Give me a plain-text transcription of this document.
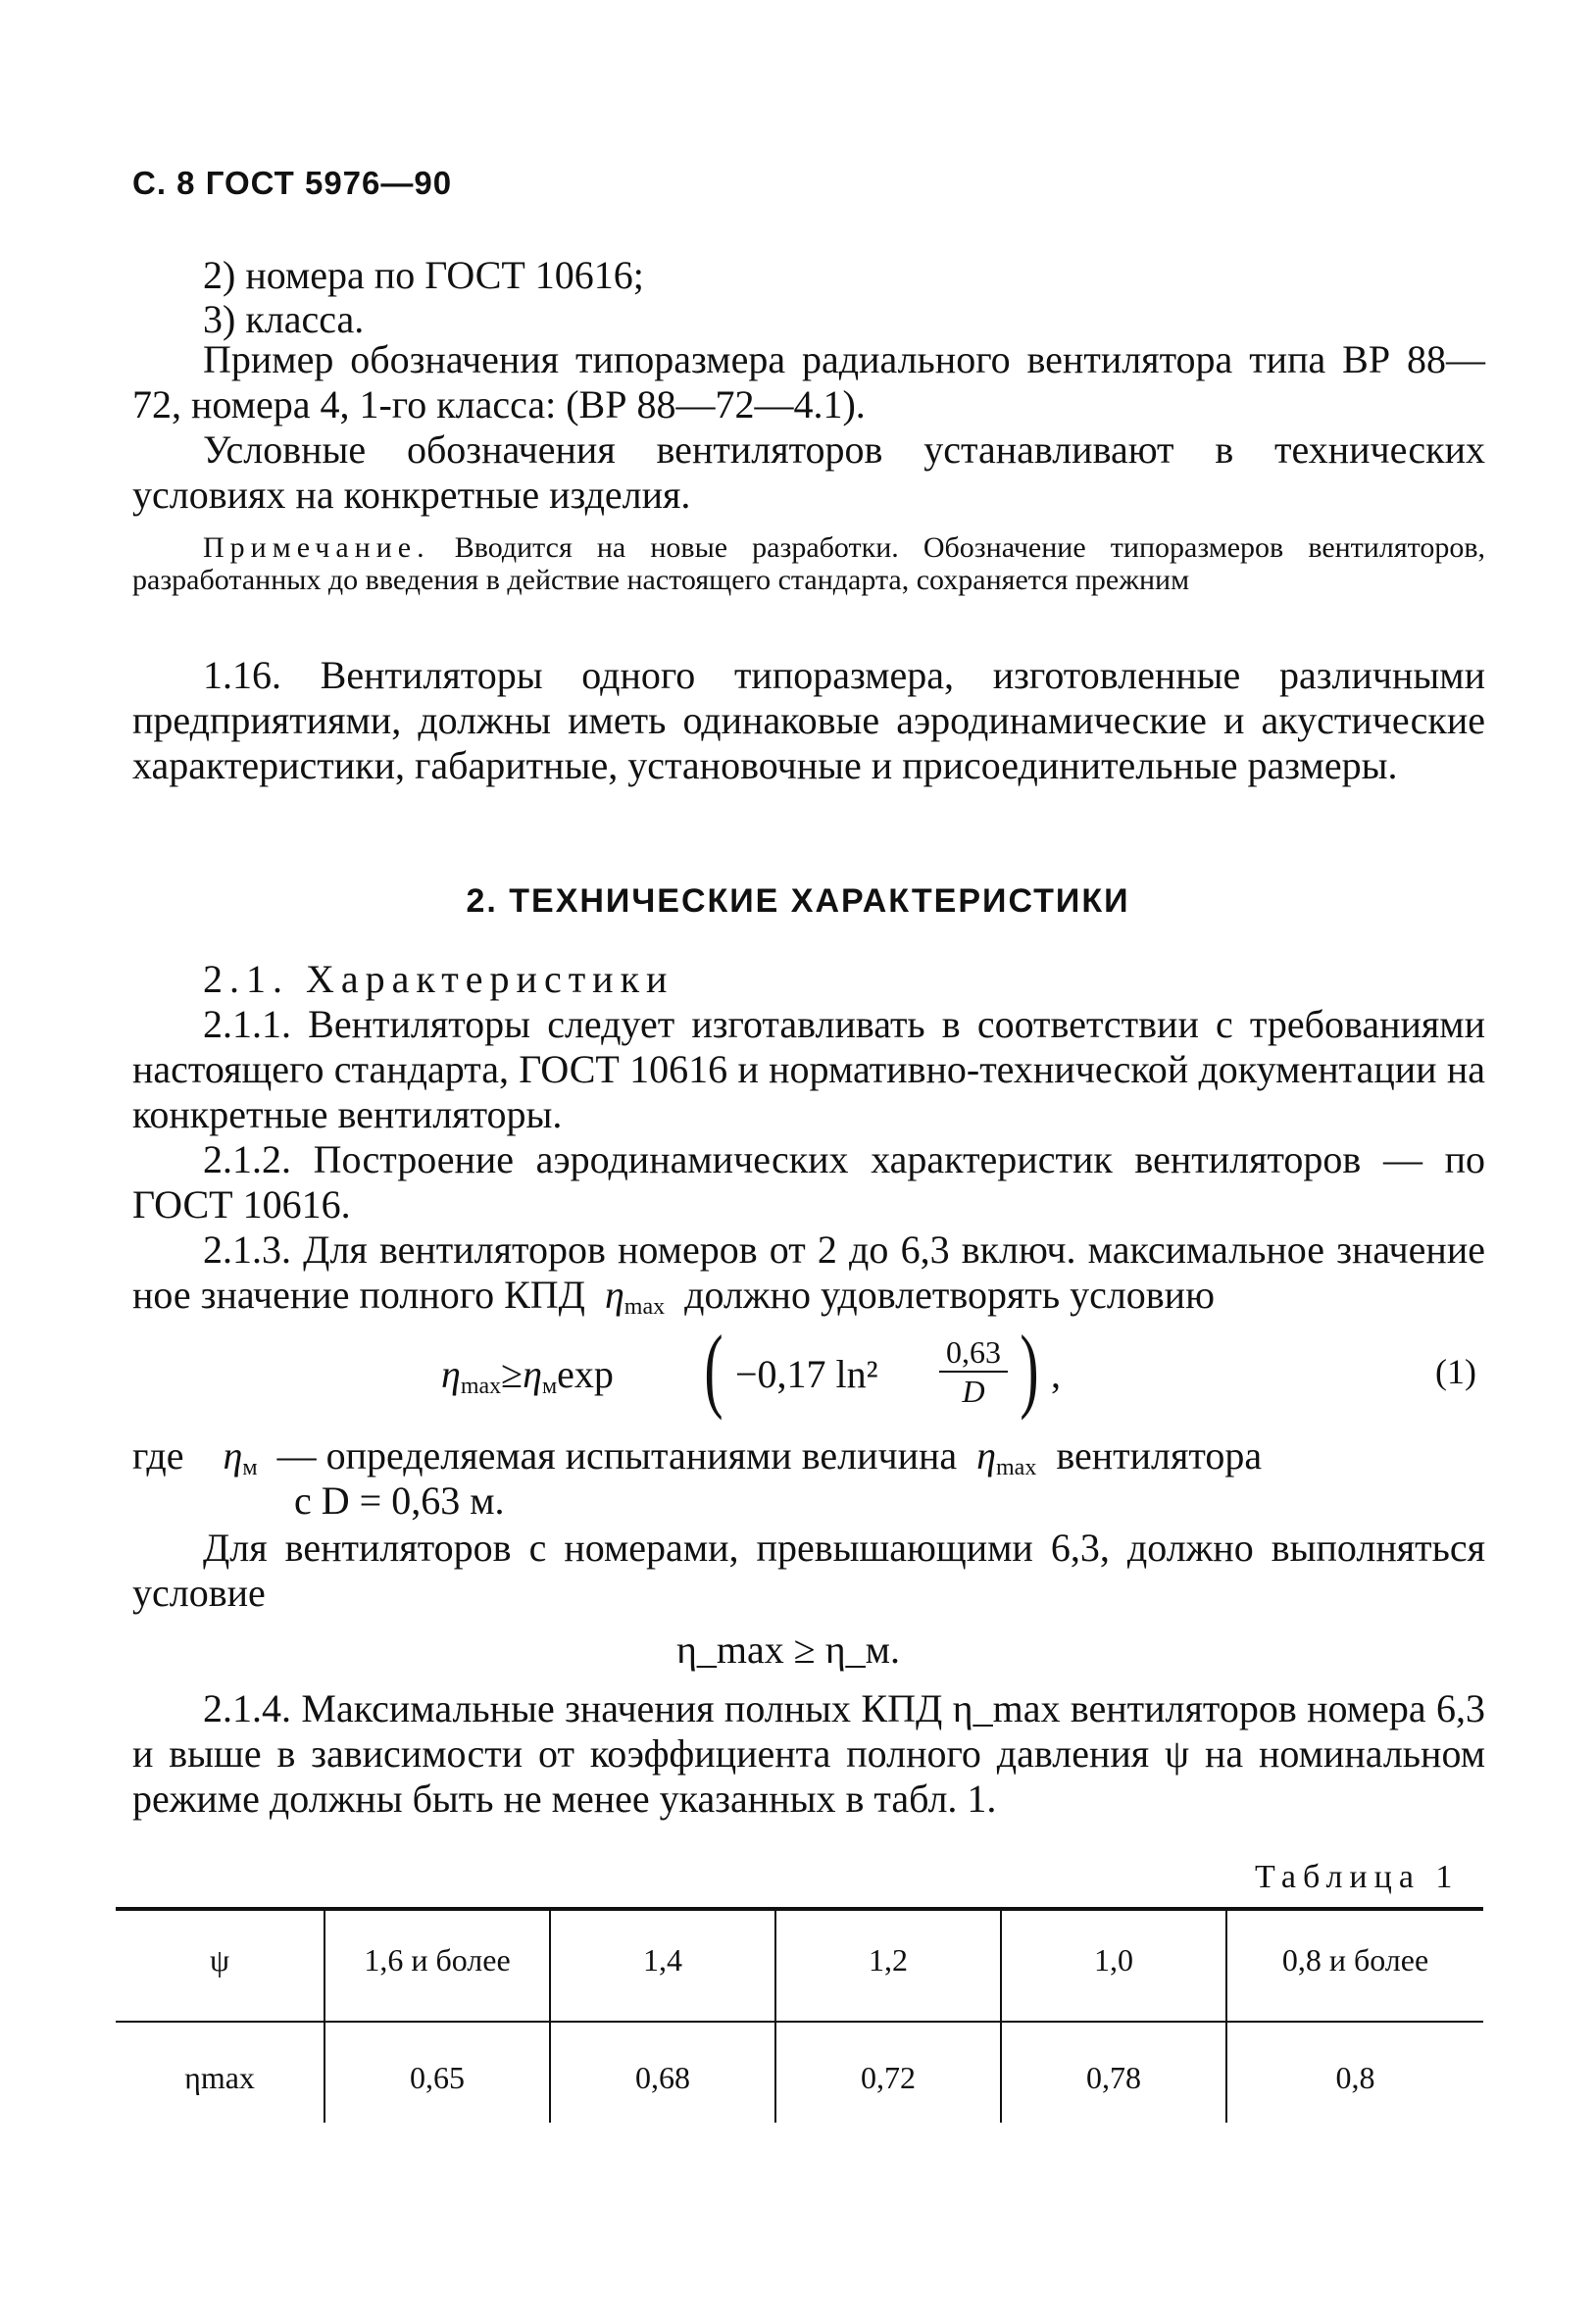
С. 8 ГОСТ 5976—90
2) номера по ГОСТ 10616;
3) класса.
Пример обозначения типоразмера радиального вентилятора типа ВР 88—72, номера 4, 1-го класса: (ВР 88—72—4.1).
Условные обозначения вентиляторов устанавливают в технических условиях на конкретные изделия.
Примечание. Вводится на новые разработки. Обозначение типоразмеров вентиляторов, разработанных до введения в действие настоящего стандарта, сохраняется прежним
1.16. Вентиляторы одного типоразмера, изготовленные различными предприятиями, должны иметь одинаковые аэродинамические и акустические характеристики, габаритные, установочные и присоединительные размеры.
2. ТЕХНИЧЕСКИЕ ХАРАКТЕРИСТИКИ
2.1. Характеристики
2.1.1. Вентиляторы следует изготавливать в соответствии с требованиями настоящего стандарта, ГОСТ 10616 и нормативно-технической документации на конкретные вентиляторы.
2.1.2. Построение аэродинамических характеристик вентиляторов — по ГОСТ 10616.
2.1.3. Для вентиляторов номеров от 2 до 6,3 включ. максимальное значение
ное значение полного КПД  $\eta_{max}$ должно удовлетворять условию
$\eta_{max}\ge\eta_м\exp$ ( −0,17 $\ln^2 \frac{0,63}{D}$ ) ,	(1)
где $\eta_м$ — определяемая испытаниями величина $\eta_{max}$ вентилятора
с D = 0,63 м.
Для вентиляторов с номерами, превышающими 6,3, должно выполняться условие
η_max ≥ η_м.
2.1.4. Максимальные значения полных КПД η_max вентиляторов номера 6,3 и выше в зависимости от коэффициента полного давления ψ на номинальном режиме должны быть не менее указанных в табл. 1.
Таблица 1
ψ	1,6 и более	1,4	1,2	1,0	0,8 и более
ηmax	0,65	0,68	0,72	0,78	0,8
